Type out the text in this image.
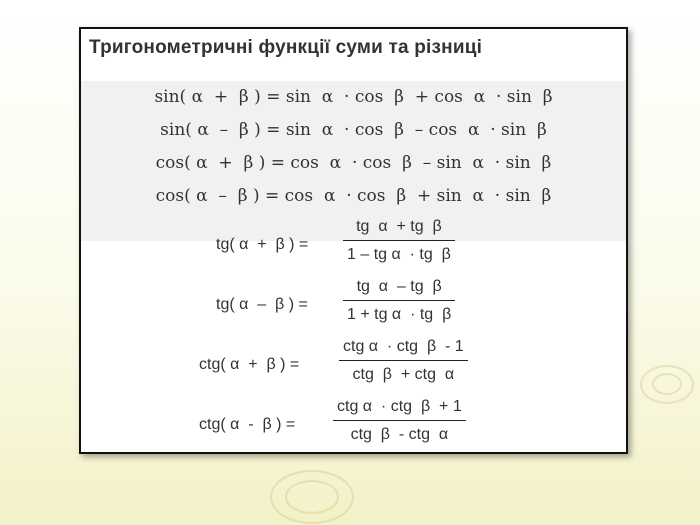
Тригонометричні функції суми та різниці
sin( α  +  β ) = sin  α  · cos  β  + cos  α  · sin  β
sin( α  –  β ) = sin  α  · cos  β  – cos  α  · sin  β
cos( α  +  β ) = cos  α  · cos  β  – sin  α  · sin  β
cos( α  –  β ) = cos  α  · cos  β  + sin  α  · sin  β
tg( α  +  β ) = $\frac{\text{tg  α  + tg  β}}{\text{1 – tg α  · tg  β}}$
tg( α  –  β ) = $\frac{\text{tg  α  – tg  β}}{\text{1 + tg α  · tg  β}}$
ctg( α  +  β ) =
ctg α  · ctg  β  - 1
ctg  β  + ctg  α
ctg( α  -  β ) =
ctg α  · ctg  β  + 1
ctg  β  - ctg  α
